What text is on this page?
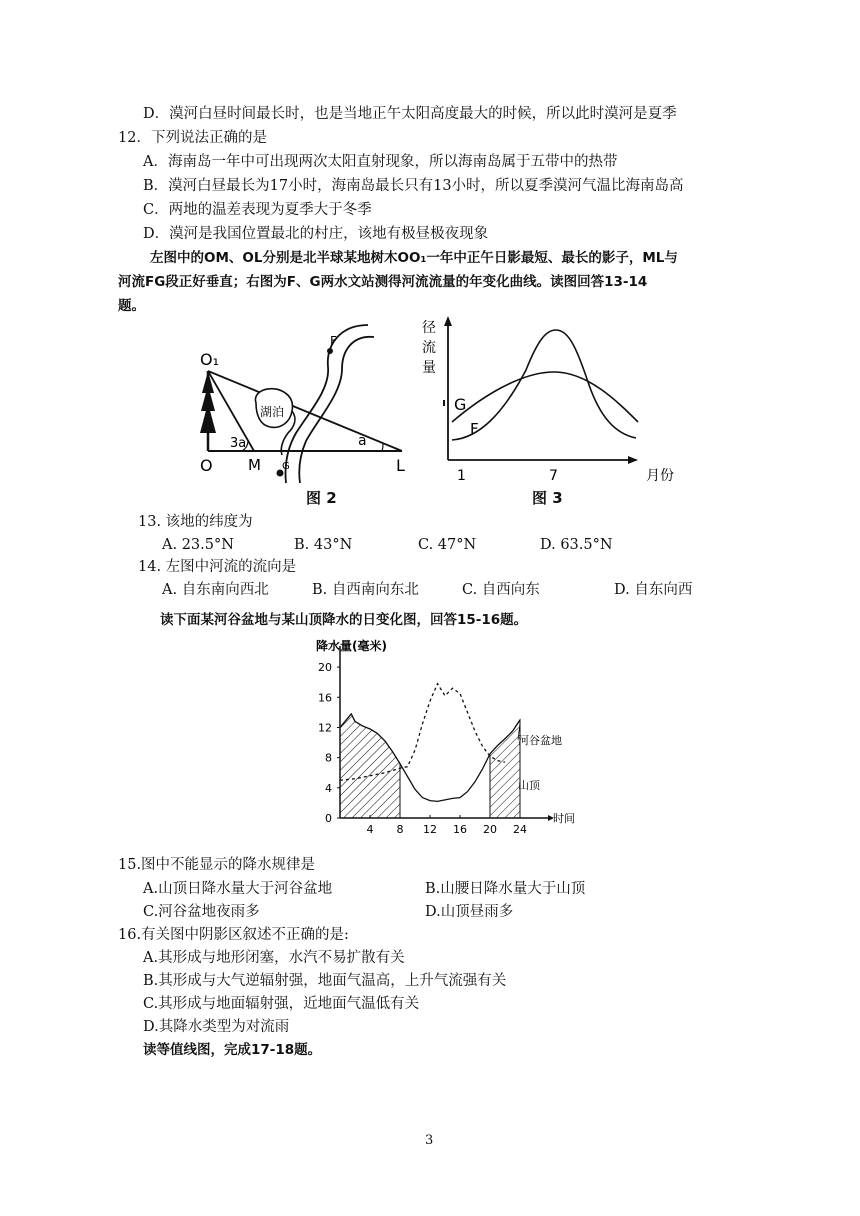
D．漠河白昼时间最长时，也是当地正午太阳高度最大的时候，所以此时漠河是夏季
12．下列说法正确的是
A．海南岛一年中可出现两次太阳直射现象，所以海南岛属于五带中的热带
B．漠河白昼最长为17小时，海南岛最长只有13小时，所以夏季漠河气温比海南岛高
C．两地的温差表现为夏季大于冬季
D．漠河是我国位置最北的村庄，该地有极昼极夜现象
左图中的OM、OL分别是北半球某地树木OO₁一年中正午日影最短、最长的影子，ML与
河流FG段正好垂直；右图为F、G两水文站测得河流流量的年变化曲线。读图回答13-14
题。
O₁
O M G	L
F
3a	a
湖泊
图 2
径
流
量
G
F
1	7	月份
图 3
13. 该地的纬度为
A. 23.5°N	B. 43°N	C. 47°N	D. 63.5°N
14. 左图中河流的流向是
A. 自东南向西北	B. 自西南向东北	C. 自西向东	D. 自东向西
读下面某河谷盆地与某山顶降水的日变化图，回答15-16题。
0
4
8
12
16
20
4 8 12 16 20 24
降水量(毫米)
时间
河谷盆地
山顶
15.图中不能显示的降水规律是
A.山顶日降水量大于河谷盆地	B.山腰日降水量大于山顶
C.河谷盆地夜雨多	D.山顶昼雨多
16.有关图中阴影区叙述不正确的是:
A.其形成与地形闭塞，水汽不易扩散有关
B.其形成与大气逆辐射强，地面气温高，上升气流强有关
C.其形成与地面辐射强，近地面气温低有关
D.其降水类型为对流雨
读等值线图，完成17-18题。
3
